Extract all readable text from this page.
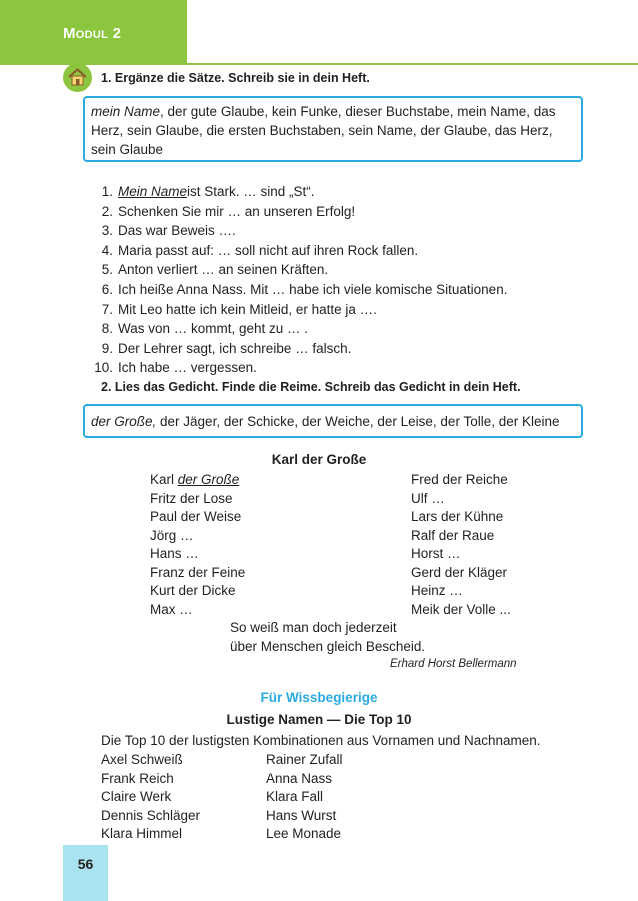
MODUL 2
1. Ergänze die Sätze. Schreib sie in dein Heft.
mein Name, der gute Glaube, kein Funke, dieser Buchstabe, mein Name, das Herz, sein Glaube, die ersten Buchstaben, sein Name, der Glaube, das Herz, sein Glaube
1. Mein Name ist Stark. … sind „St“.
2. Schenken Sie mir … an unseren Erfolg!
3. Das war Beweis ….
4. Maria passt auf: … soll nicht auf ihren Rock fallen.
5. Anton verliert … an seinen Kräften.
6. Ich heiße Anna Nass. Mit … habe ich viele komische Situationen.
7. Mit Leo hatte ich kein Mitleid, er hatte ja ….
8. Was von … kommt, geht zu … .
9. Der Lehrer sagt, ich schreibe … falsch.
10. Ich habe … vergessen.
2. Lies das Gedicht. Finde die Reime. Schreib das Gedicht in dein Heft.
der Große, der Jäger, der Schicke, der Weiche, der Leise, der Tolle, der Kleine
Karl der Große
Karl der Große
Fritz der Lose
Paul der Weise
Jörg …
Hans …
Franz der Feine
Kurt der Dicke
Max …
Fred der Reiche
Ulf …
Lars der Kühne
Ralf der Raue
Horst …
Gerd der Kläger
Heinz …
Meik der Volle ...
So weiß man doch jederzeit
über Menschen gleich Bescheid.
Erhard Horst Bellermann
Für Wissbegierige
Lustige Namen — Die Top 10
Die Top 10 der lustigsten Kombinationen aus Vornamen und Nachnamen.
Axel Schweiß
Frank Reich
Claire Werk
Dennis Schläger
Klara Himmel
Rainer Zufall
Anna Nass
Klara Fall
Hans Wurst
Lee Monade
56
